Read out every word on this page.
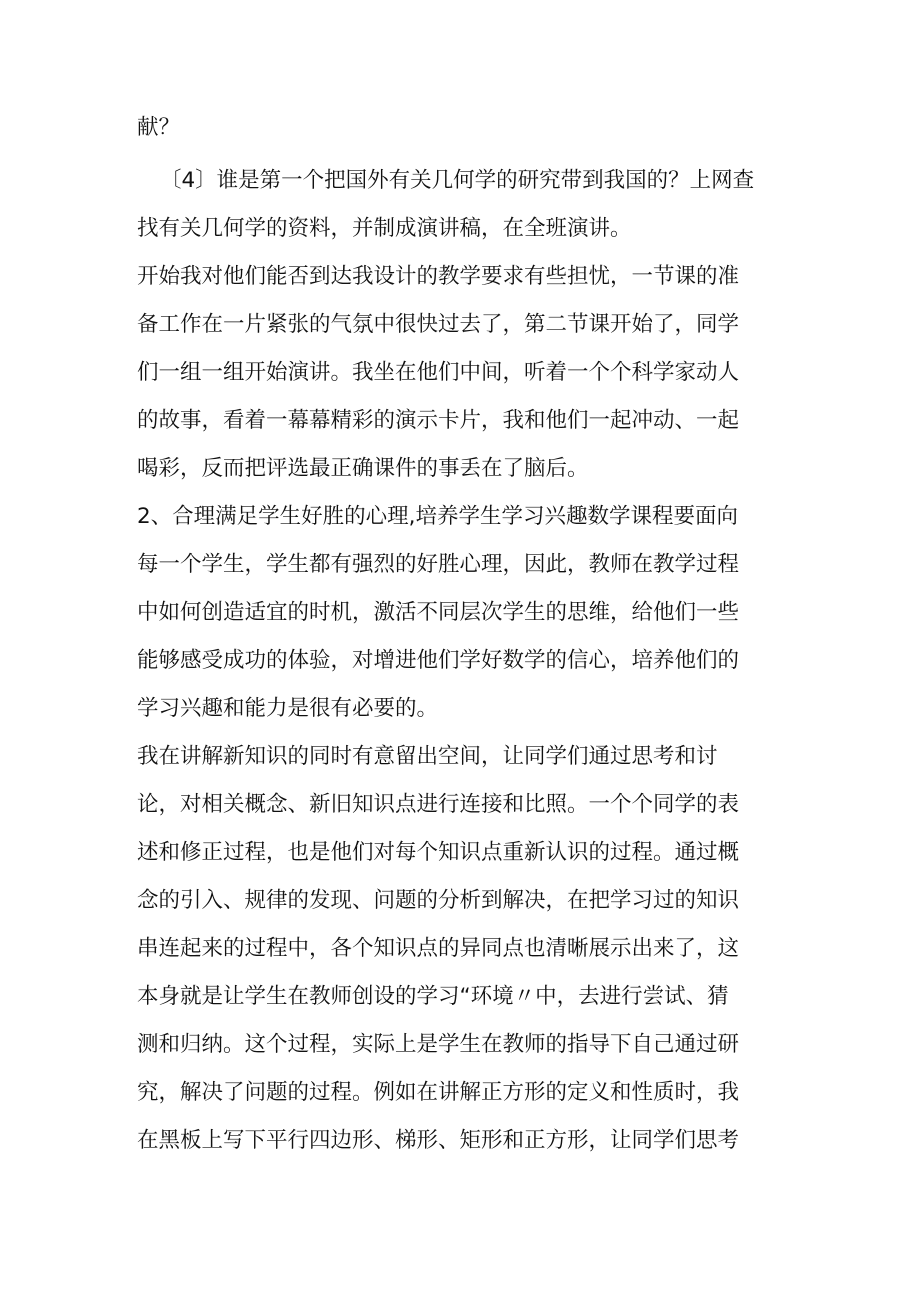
献？
〔4〕谁是第一个把国外有关几何学的研究带到我国的？上网查
找有关几何学的资料，并制成演讲稿，在全班演讲。
开始我对他们能否到达我设计的教学要求有些担忧，一节课的准
备工作在一片紧张的气氛中很快过去了，第二节课开始了，同学
们一组一组开始演讲。我坐在他们中间，听着一个个科学家动人
的故事，看着一幕幕精彩的演示卡片，我和他们一起冲动、一起
喝彩，反而把评选最正确课件的事丢在了脑后。
2、合理满足学生好胜的心理,培养学生学习兴趣数学课程要面向
每一个学生，学生都有强烈的好胜心理，因此，教师在教学过程
中如何创造适宜的时机，激活不同层次学生的思维，给他们一些
能够感受成功的体验，对增进他们学好数学的信心，培养他们的
学习兴趣和能力是很有必要的。
我在讲解新知识的同时有意留出空间，让同学们通过思考和讨
论，对相关概念、新旧知识点进行连接和比照。一个个同学的表
述和修正过程，也是他们对每个知识点重新认识的过程。通过概
念的引入、规律的发现、问题的分析到解决，在把学习过的知识
串连起来的过程中，各个知识点的异同点也清晰展示出来了，这
本身就是让学生在教师创设的学习“环境〃中，去进行尝试、猜
测和归纳。这个过程，实际上是学生在教师的指导下自己通过研
究，解决了问题的过程。例如在讲解正方形的定义和性质时，我
在黑板上写下平行四边形、梯形、矩形和正方形，让同学们思考
